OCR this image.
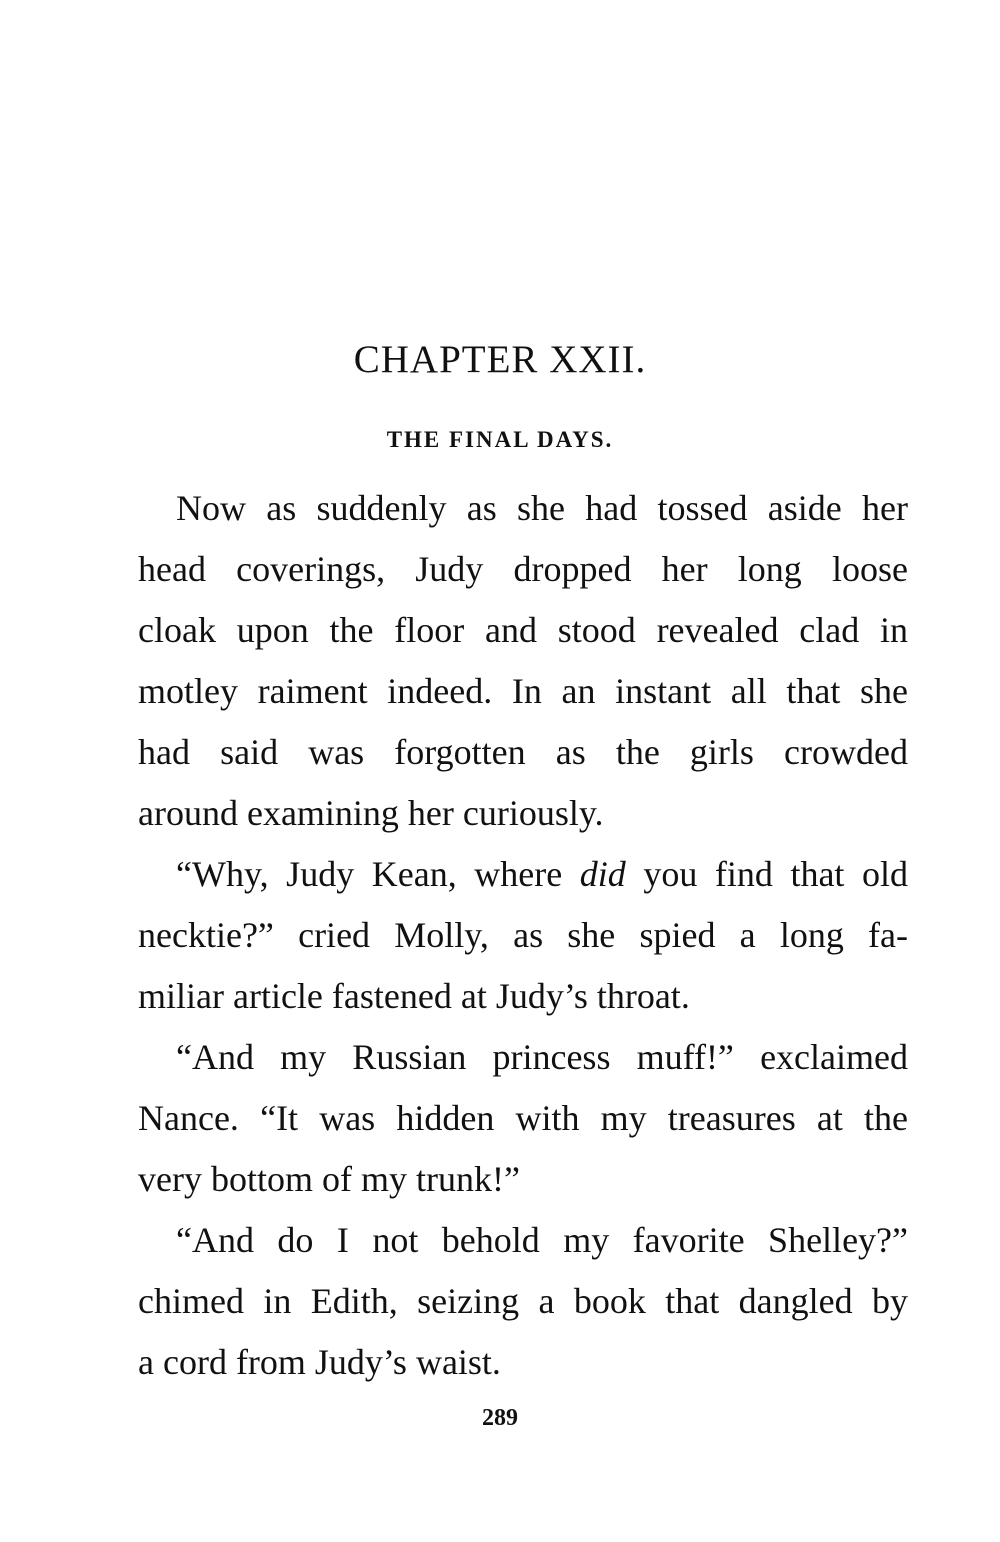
CHAPTER XXII.
THE FINAL DAYS.
Now as suddenly as she had tossed aside her
head coverings, Judy dropped her long loose
cloak upon the floor and stood revealed clad in
motley raiment indeed. In an instant all that she
had said was forgotten as the girls crowded
around examining her curiously.
“Why, Judy Kean, where did you find that old
necktie?” cried Molly, as she spied a long fa-
miliar article fastened at Judy’s throat.
“And my Russian princess muff!” exclaimed
Nance. “It was hidden with my treasures at the
very bottom of my trunk!”
“And do I not behold my favorite Shelley?”
chimed in Edith, seizing a book that dangled by
a cord from Judy’s waist.
289
